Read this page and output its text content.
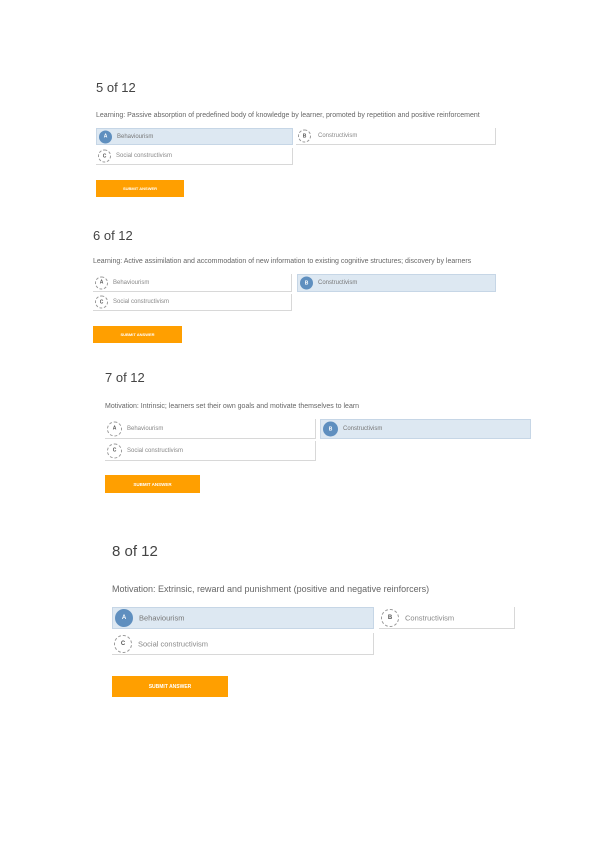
5 of 12
Learning: Passive absorption of predefined body of knowledge by learner, promoted by repetition and positive reinforcement
A	Behaviourism	B	Constructivism
C	Social constructivism
SUBMIT ANSWER
6 of 12
Learning: Active assimilation and accommodation of new information to existing cognitive structures; discovery by learners
A	Behaviourism	B	Constructivism
C	Social constructivism
SUBMIT ANSWER
7 of 12
Motivation: Intrinsic; learners set their own goals and motivate themselves to learn
A	Behaviourism	B	Constructivism
C	Social constructivism
SUBMIT ANSWER
8 of 12
Motivation: Extrinsic, reward and punishment (positive and negative reinforcers)
A	Behaviourism	B	Constructivism
C	Social constructivism
SUBMIT ANSWER
